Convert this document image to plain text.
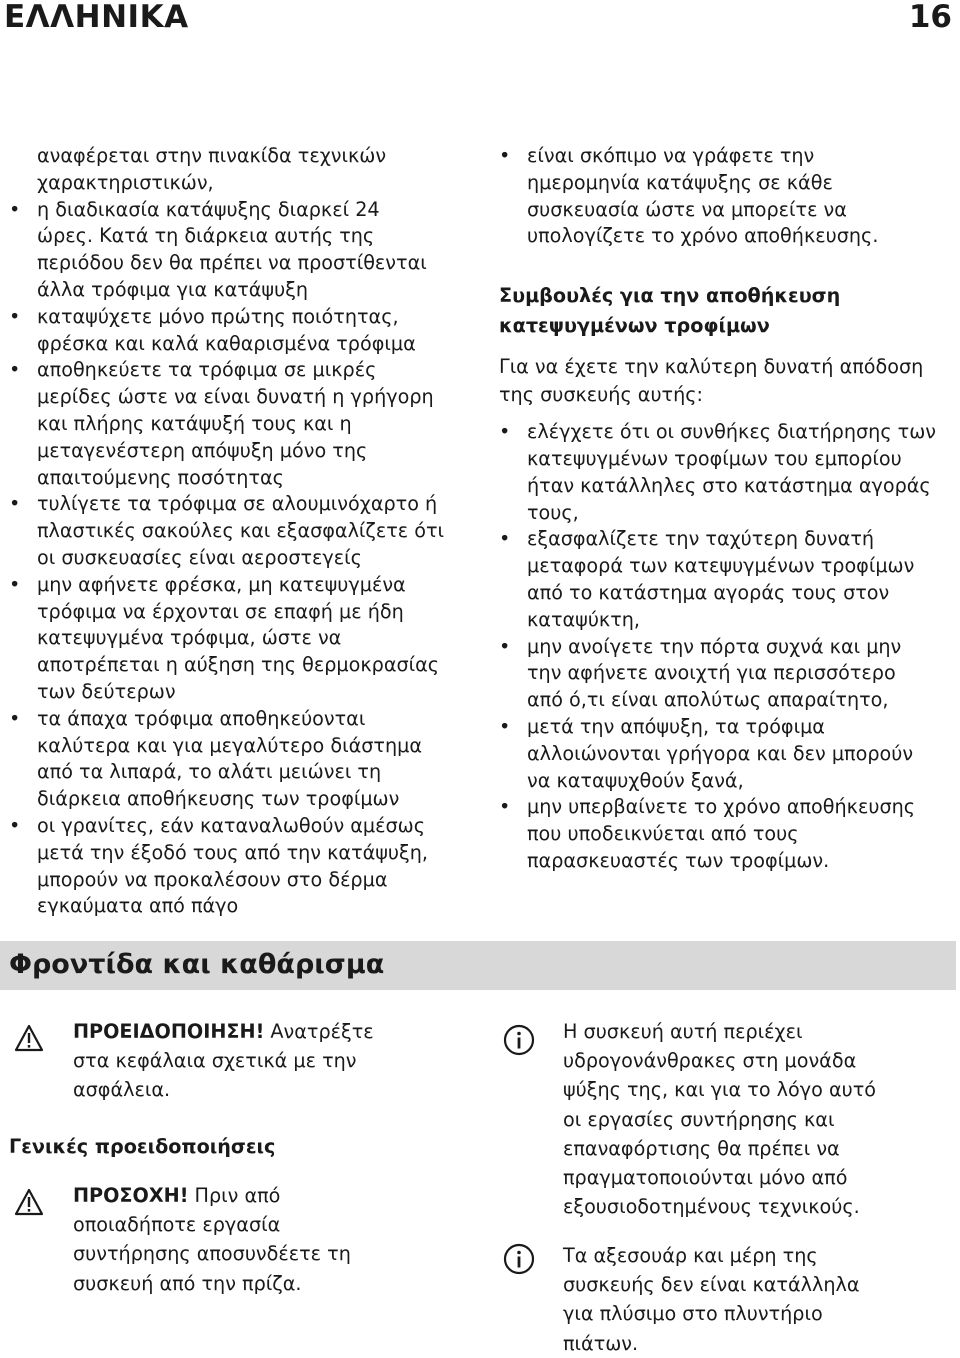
ΕΛΛΗΝΙΚΑ	16
αναφέρεται στην πινακίδα τεχνικών
χαρακτηριστικών,
• η διαδικασία κατάψυξης διαρκεί 24
ώρες. Κατά τη διάρκεια αυτής της
περιόδου δεν θα πρέπει να προστίθενται
άλλα τρόφιμα για κατάψυξη
• καταψύχετε μόνο πρώτης ποιότητας,
φρέσκα και καλά καθαρισμένα τρόφιμα
• αποθηκεύετε τα τρόφιμα σε μικρές
μερίδες ώστε να είναι δυνατή η γρήγορη
και πλήρης κατάψυξή τους και η
μεταγενέστερη απόψυξη μόνο της
απαιτούμενης ποσότητας
• τυλίγετε τα τρόφιμα σε αλουμινόχαρτο ή
πλαστικές σακούλες και εξασφαλίζετε ότι
οι συσκευασίες είναι αεροστεγείς
• μην αφήνετε φρέσκα, μη κατεψυγμένα
τρόφιμα να έρχονται σε επαφή με ήδη
κατεψυγμένα τρόφιμα, ώστε να
αποτρέπεται η αύξηση της θερμοκρασίας
των δεύτερων
• τα άπαχα τρόφιμα αποθηκεύονται
καλύτερα και για μεγαλύτερο διάστημα
από τα λιπαρά, το αλάτι μειώνει τη
διάρκεια αποθήκευσης των τροφίμων
• οι γρανίτες, εάν καταναλωθούν αμέσως
μετά την έξοδό τους από την κατάψυξη,
μπορούν να προκαλέσουν στο δέρμα
εγκαύματα από πάγο
• είναι σκόπιμο να γράφετε την
ημερομηνία κατάψυξης σε κάθε
συσκευασία ώστε να μπορείτε να
υπολογίζετε το χρόνο αποθήκευσης.
Συμβουλές για την αποθήκευση
κατεψυγμένων τροφίμων
Για να έχετε την καλύτερη δυνατή απόδοση
της συσκευής αυτής:
• ελέγχετε ότι οι συνθήκες διατήρησης των
κατεψυγμένων τροφίμων του εμπορίου
ήταν κατάλληλες στο κατάστημα αγοράς
τους,
• εξασφαλίζετε την ταχύτερη δυνατή
μεταφορά των κατεψυγμένων τροφίμων
από το κατάστημα αγοράς τους στον
καταψύκτη,
• μην ανοίγετε την πόρτα συχνά και μην
την αφήνετε ανοιχτή για περισσότερο
από ό,τι είναι απολύτως απαραίτητο,
• μετά την απόψυξη, τα τρόφιμα
αλλοιώνονται γρήγορα και δεν μπορούν
να καταψυχθούν ξανά,
• μην υπερβαίνετε το χρόνο αποθήκευσης
που υποδεικνύεται από τους
παρασκευαστές των τροφίμων.
Φροντίδα και καθάρισμα
ΠΡΟΕΙΔΟΠΟΙΗΣΗ! Ανατρέξτε
στα κεφάλαια σχετικά με την
ασφάλεια.
Γενικές προειδοποιήσεις
ΠΡΟΣΟΧΗ! Πριν από
οποιαδήποτε εργασία
συντήρησης αποσυνδέετε τη
συσκευή από την πρίζα.
Η συσκευή αυτή περιέχει
υδρογονάνθρακες στη μονάδα
ψύξης της, και για το λόγο αυτό
οι εργασίες συντήρησης και
επαναφόρτισης θα πρέπει να
πραγματοποιούνται μόνο από
εξουσιοδοτημένους τεχνικούς.
Τα αξεσουάρ και μέρη της
συσκευής δεν είναι κατάλληλα
για πλύσιμο στο πλυντήριο
πιάτων.
